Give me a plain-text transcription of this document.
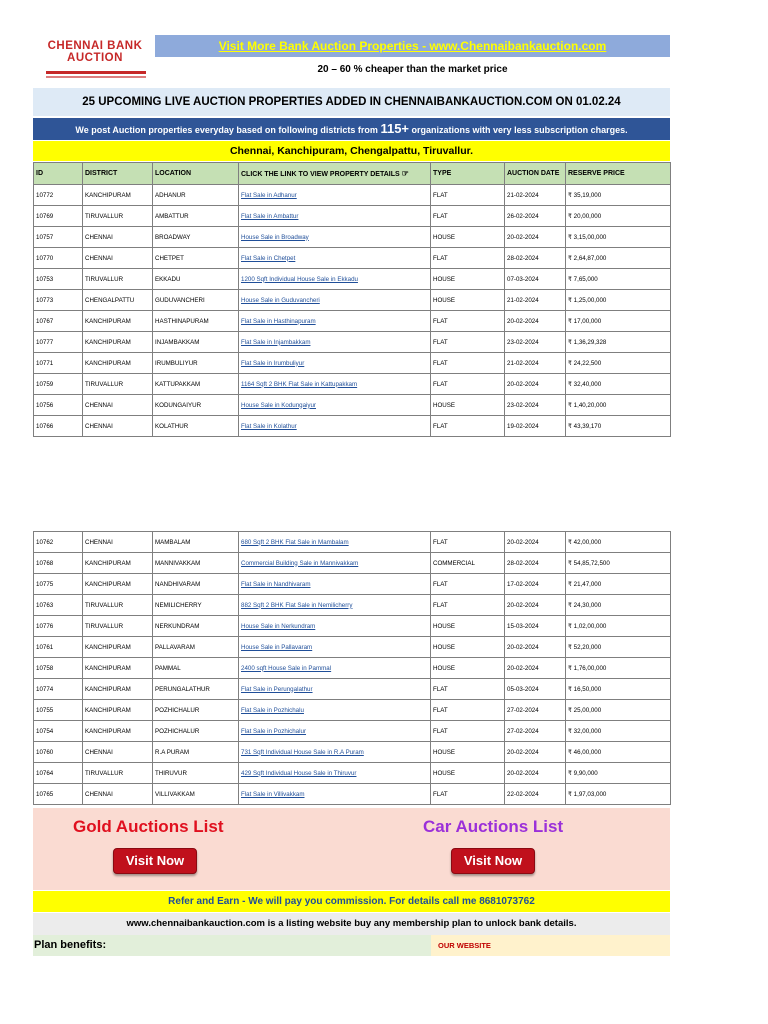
CHENNAI BANK
AUCTION
Visit More Bank Auction Properties - www.Chennaibankauction.com
20 – 60 % cheaper than the market price
25 UPCOMING LIVE AUCTION PROPERTIES ADDED IN CHENNAIBANKAUCTION.COM ON 01.02.24
We post Auction properties everyday based on following districts from 115+ organizations with very less subscription charges.
Chennai, Kanchipuram, Chengalpattu, Tiruvallur.
ID	DISTRICT	LOCATION	CLICK THE LINK TO VIEW PROPERTY DETAILS ☞	TYPE	AUCTION DATE	RESERVE PRICE
10772	KANCHIPURAM	ADHANUR	Flat Sale in Adhanur	FLAT	21-02-2024	₹ 35,19,000
10769	TIRUVALLUR	AMBATTUR	Flat Sale in Ambattur	FLAT	26-02-2024	₹ 20,00,000
10757	CHENNAI	BROADWAY	House Sale in Broadway	HOUSE	20-02-2024	₹ 3,15,00,000
10770	CHENNAI	CHETPET	Flat Sale in Chetpet	FLAT	28-02-2024	₹ 2,64,87,000
10753	TIRUVALLUR	EKKADU	1200 Sqft Individual House Sale in Ekkadu	HOUSE	07-03-2024	₹ 7,65,000
10773	CHENGALPATTU	GUDUVANCHERI	House Sale in Guduvancheri	HOUSE	21-02-2024	₹ 1,25,00,000
10767	KANCHIPURAM	HASTHINAPURAM	Flat Sale in Hasthinapuram	FLAT	20-02-2024	₹ 17,00,000
10777	KANCHIPURAM	INJAMBAKKAM	Flat Sale in Injambakkam	FLAT	23-02-2024	₹ 1,36,29,328
10771	KANCHIPURAM	IRUMBULIYUR	Flat Sale in Irumbuliyur	FLAT	21-02-2024	₹ 24,22,500
10759	TIRUVALLUR	KATTUPAKKAM	1164 Sqft 2 BHK Flat Sale in Kattupakkam	FLAT	20-02-2024	₹ 32,40,000
10756	CHENNAI	KODUNGAIYUR	House Sale in Kodungaiyur	HOUSE	23-02-2024	₹ 1,40,20,000
10766	CHENNAI	KOLATHUR	Flat Sale in Kolathur	FLAT	19-02-2024	₹ 43,39,170
10762	CHENNAI	MAMBALAM	680 Sqft 2 BHK Flat Sale in Mambalam	FLAT	20-02-2024	₹ 42,00,000
10768	KANCHIPURAM	MANNIVAKKAM	Commercial Building Sale in Mannivakkam	COMMERCIAL	28-02-2024	₹ 54,85,72,500
10775	KANCHIPURAM	NANDHIVARAM	Flat Sale in Nandhivaram	FLAT	17-02-2024	₹ 21,47,000
10763	TIRUVALLUR	NEMILICHERRY	882 Sqft 2 BHK Flat Sale in Nemilicherry	FLAT	20-02-2024	₹ 24,30,000
10776	TIRUVALLUR	NERKUNDRAM	House Sale in Nerkundram	HOUSE	15-03-2024	₹ 1,02,00,000
10761	KANCHIPURAM	PALLAVARAM	House Sale in Pallavaram	HOUSE	20-02-2024	₹ 52,20,000
10758	KANCHIPURAM	PAMMAL	2400 sqft House Sale in Pammal	HOUSE	20-02-2024	₹ 1,76,00,000
10774	KANCHIPURAM	PERUNGALATHUR	Flat Sale in Perungalathur	FLAT	05-03-2024	₹ 16,50,000
10755	KANCHIPURAM	POZHICHALUR	Flat Sale in Pozhichalu	FLAT	27-02-2024	₹ 25,00,000
10754	KANCHIPURAM	POZHICHALUR	Flat Sale in Pozhichalur	FLAT	27-02-2024	₹ 32,00,000
10760	CHENNAI	R.A PURAM	731 Sqft Individual House Sale in R.A Puram	HOUSE	20-02-2024	₹ 46,00,000
10764	TIRUVALLUR	THIRUVUR	429 Sqft Individual House Sale in Thiruvur	HOUSE	20-02-2024	₹ 9,90,000
10765	CHENNAI	VILLIVAKKAM	Flat Sale in Villivakkam	FLAT	22-02-2024	₹ 1,97,03,000
Gold Auctions List	Car Auctions List
Visit Now	Visit Now
Refer and Earn - We will pay you commission. For details call me 8681073762
www.chennaibankauction.com is a listing website buy any membership plan to unlock bank details.
Plan benefits:	OUR WEBSITE
